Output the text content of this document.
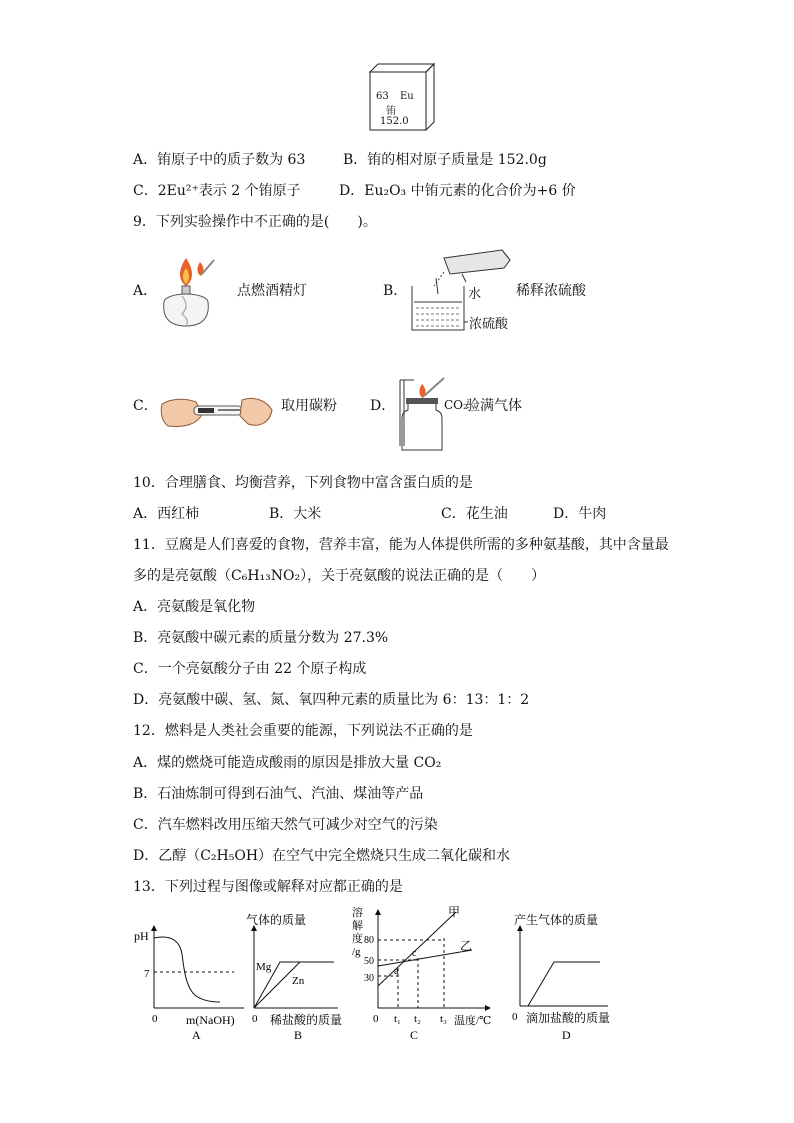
63 Eu
铕
152.0
A．铕原子中的质子数为 63	B．铕的相对原子质量是 152.0g
C．2Eu²⁺表示 2 个铕原子	D．Eu₂O₃ 中铕元素的化合价为+6 价
9．下列实验操作中不正确的是(　　)。
A．	点燃酒精灯	B．	水
浓硫酸
稀释浓硫酸
C．	取用碳粉 D．	CO₂
验满气体
10．合理膳食、均衡营养，下列食物中富含蛋白质的是
A．西红柿	B．大米	C．花生油	D．牛肉
11．豆腐是人们喜爱的食物，营养丰富，能为人体提供所需的多种氨基酸，其中含量最
多的是亮氨酸（C₆H₁₃NO₂），关于亮氨酸的说法正确的是（　　）
A．亮氨酸是氧化物
B．亮氨酸中碳元素的质量分数为 27.3%
C．一个亮氨酸分子由 22 个原子构成
D．亮氨酸中碳、氢、氮、氧四种元素的质量比为 6：13：1：2
12．燃料是人类社会重要的能源，下列说法不正确的是
A．煤的燃烧可能造成酸雨的原因是排放大量 CO₂
B．石油炼制可得到石油气、汽油、煤油等产品
C．汽车燃料改用压缩天然气可减少对空气的污染
D．乙醇（C₂H₅OH）在空气中完全燃烧只生成二氧化碳和水
13．下列过程与图像或解释对应都正确的是
pH
7
0 m(NaOH)
A
气体的质量
Mg
Zn
0 稀盐酸的质量
B
溶
解
度
/g
80
50
30
甲
乙
a
c
0 t₁ t₂ t₃ 温度/℃
C
产生气体的质量
0 滴加盐酸的质量
D
